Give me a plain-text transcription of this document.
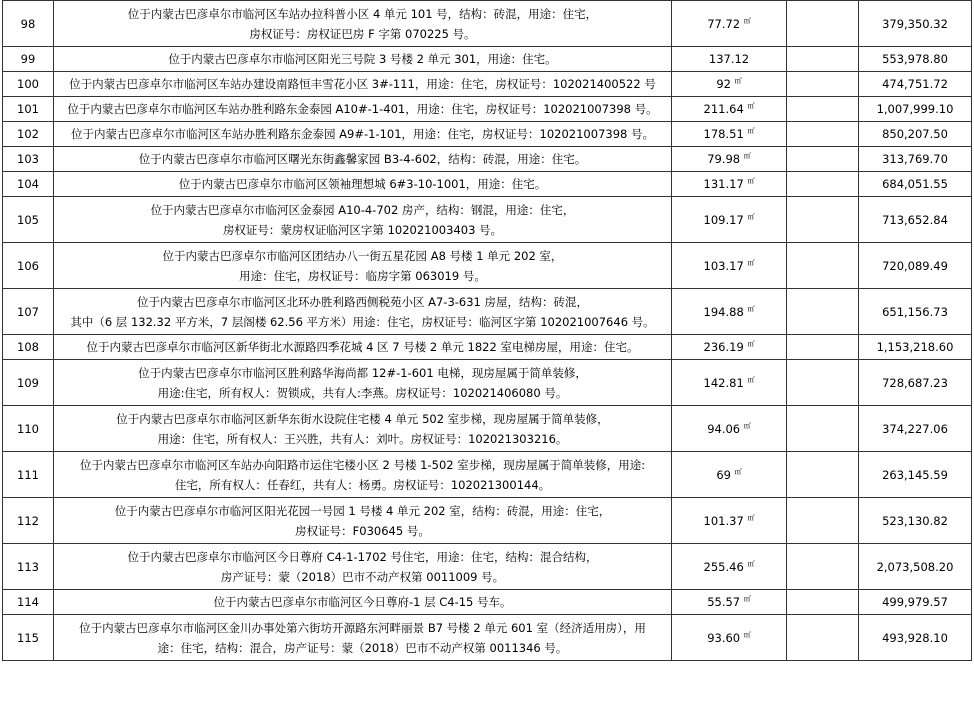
98	位于内蒙古巴彦卓尔市临河区车站办拉科普小区 4 单元 101 号，结构：砖混，用途：住宅，
房权证号：房权证巴房 F 字第 070225 号。	77.72 ㎡		379,350.32
99	位于内蒙古巴彦卓尔市临河区阳光三号院 3 号楼 2 单元 301，用途：住宅。	137.12		553,978.80
100	位于内蒙古巴彦卓尔市临河区车站办建设南路恒丰雪花小区 3#-111，用途：住宅，房权证号：102021400522 号	92 ㎡		474,751.72
101	位于内蒙古巴彦卓尔市临河区车站办胜利路东金泰园 A10#-1-401，用途：住宅，房权证号：102021007398 号。	211.64 ㎡		1,007,999.10
102	位于内蒙古巴彦卓尔市临河区车站办胜利路东金泰园 A9#-1-101，用途：住宅，房权证号：102021007398 号。	178.51 ㎡		850,207.50
103	位于内蒙古巴彦卓尔市临河区曙光东街鑫馨家园 B3-4-602，结构：砖混，用途：住宅。	79.98 ㎡		313,769.70
104	位于内蒙古巴彦卓尔市临河区领袖理想城 6#3-10-1001，用途：住宅。	131.17 ㎡		684,051.55
105	位于内蒙古巴彦卓尔市临河区金泰园 A10-4-702 房产，结构：钢混，用途：住宅，
房权证号：蒙房权证临河区字第 102021003403 号。	109.17 ㎡		713,652.84
106	位于内蒙古巴彦卓尔市临河区团结办八一街五星花园 A8 号楼 1 单元 202 室，
用途：住宅，房权证号：临房字第 063019 号。	103.17 ㎡		720,089.49
107	位于内蒙古巴彦卓尔市临河区北环办胜利路西侧税苑小区 A7-3-631 房屋，结构：砖混，
其中（6 层 132.32 平方米，7 层阁楼 62.56 平方米）用途：住宅，房权证号：临河区字第 102021007646 号。	194.88 ㎡		651,156.73
108	位于内蒙古巴彦卓尔市临河区新华街北水源路四季花城 4 区 7 号楼 2 单元 1822 室电梯房屋，用途：住宅。	236.19 ㎡		1,153,218.60
109	位于内蒙古巴彦卓尔市临河区胜利路华海尚都 12#-1-601 电梯，现房屋属于简单装修，
用途:住宅，所有权人：贺锁成，共有人:李燕。房权证号：102021406080 号。	142.81 ㎡		728,687.23
110	位于内蒙古巴彦卓尔市临河区新华东街水设院住宅楼 4 单元 502 室步梯，现房屋属于简单装修，
用途：住宅，所有权人：王兴胜，共有人：刘叶。房权证号：102021303216。	94.06 ㎡		374,227.06
111	位于内蒙古巴彦卓尔市临河区车站办向阳路市运住宅楼小区 2 号楼 1-502 室步梯，现房屋属于简单装修，用途:
住宅，所有权人：任春红，共有人：杨勇。房权证号：102021300144。	69 ㎡		263,145.59
112	位于内蒙古巴彦卓尔市临河区阳光花园一号园 1 号楼 4 单元 202 室，结构：砖混，用途：住宅，
房权证号：F030645 号。	101.37 ㎡		523,130.82
113	位于内蒙古巴彦卓尔市临河区今日尊府 C4-1-1702 号住宅，用途：住宅，结构：混合结构，
房产证号：蒙（2018）巴市不动产权第 0011009 号。	255.46 ㎡		2,073,508.20
114	位于内蒙古巴彦卓尔市临河区今日尊府-1 层 C4-15 号车。	55.57 ㎡		499,979.57
115	位于内蒙古巴彦卓尔市临河区金川办事处第六街坊开源路东河畔丽景 B7 号楼 2 单元 601 室（经济适用房），用
途：住宅，结构：混合，房产证号：蒙（2018）巴市不动产权第 0011346 号。	93.60 ㎡		493,928.10
